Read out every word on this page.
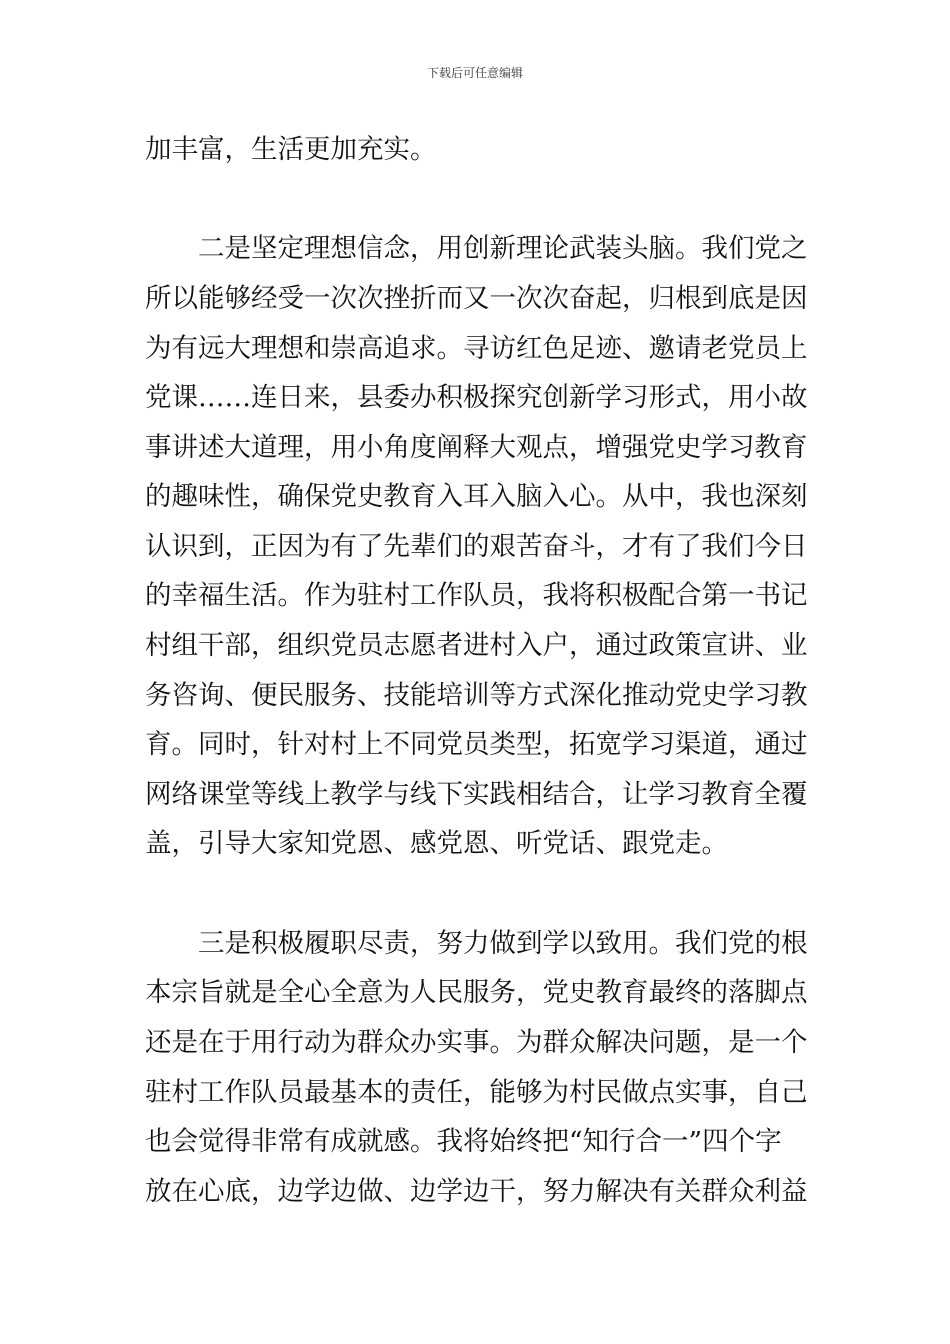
下载后可任意编辑
加丰富，生活更加充实。
二是坚定理想信念，用创新理论武装头脑。我们党之
所以能够经受一次次挫折而又一次次奋起，归根到底是因
为有远大理想和崇高追求。寻访红色足迹、邀请老党员上
党课……连日来，县委办积极探究创新学习形式，用小故
事讲述大道理，用小角度阐释大观点，增强党史学习教育
的趣味性，确保党史教育入耳入脑入心。从中，我也深刻
认识到，正因为有了先辈们的艰苦奋斗，才有了我们今日
的幸福生活。作为驻村工作队员，我将积极配合第一书记
村组干部，组织党员志愿者进村入户，通过政策宣讲、业
务咨询、便民服务、技能培训等方式深化推动党史学习教
育。同时，针对村上不同党员类型，拓宽学习渠道，通过
网络课堂等线上教学与线下实践相结合，让学习教育全覆
盖，引导大家知党恩、感党恩、听党话、跟党走。
三是积极履职尽责，努力做到学以致用。我们党的根
本宗旨就是全心全意为人民服务，党史教育最终的落脚点
还是在于用行动为群众办实事。为群众解决问题，是一个
驻村工作队员最基本的责任，能够为村民做点实事，自己
也会觉得非常有成就感。我将始终把“知行合一”四个字
放在心底，边学边做、边学边干，努力解决有关群众利益
